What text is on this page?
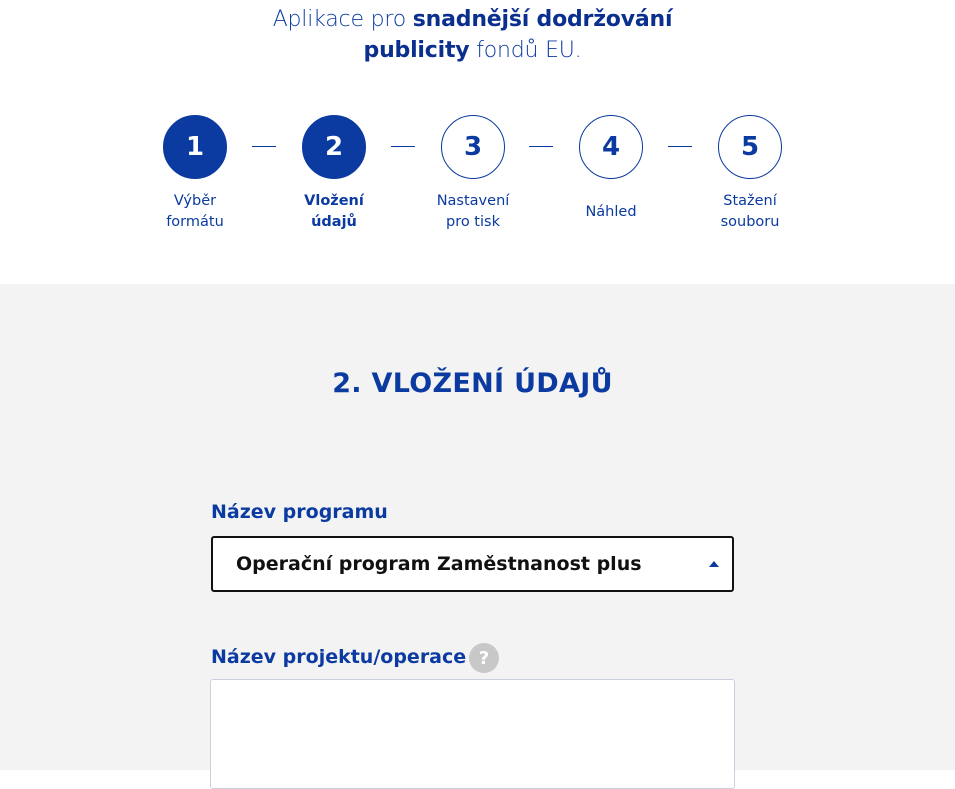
Aplikace pro snadnější dodržování
publicity fondů EU.
1
Výběr
formátu
2
Vložení
údajů
3
Nastavení
pro tisk
4
Náhled
5
Stažení
souboru
2. VLOŽENÍ ÚDAJŮ
Název programu
Operační program Zaměstnanost plus
Název projektu/operace ?
